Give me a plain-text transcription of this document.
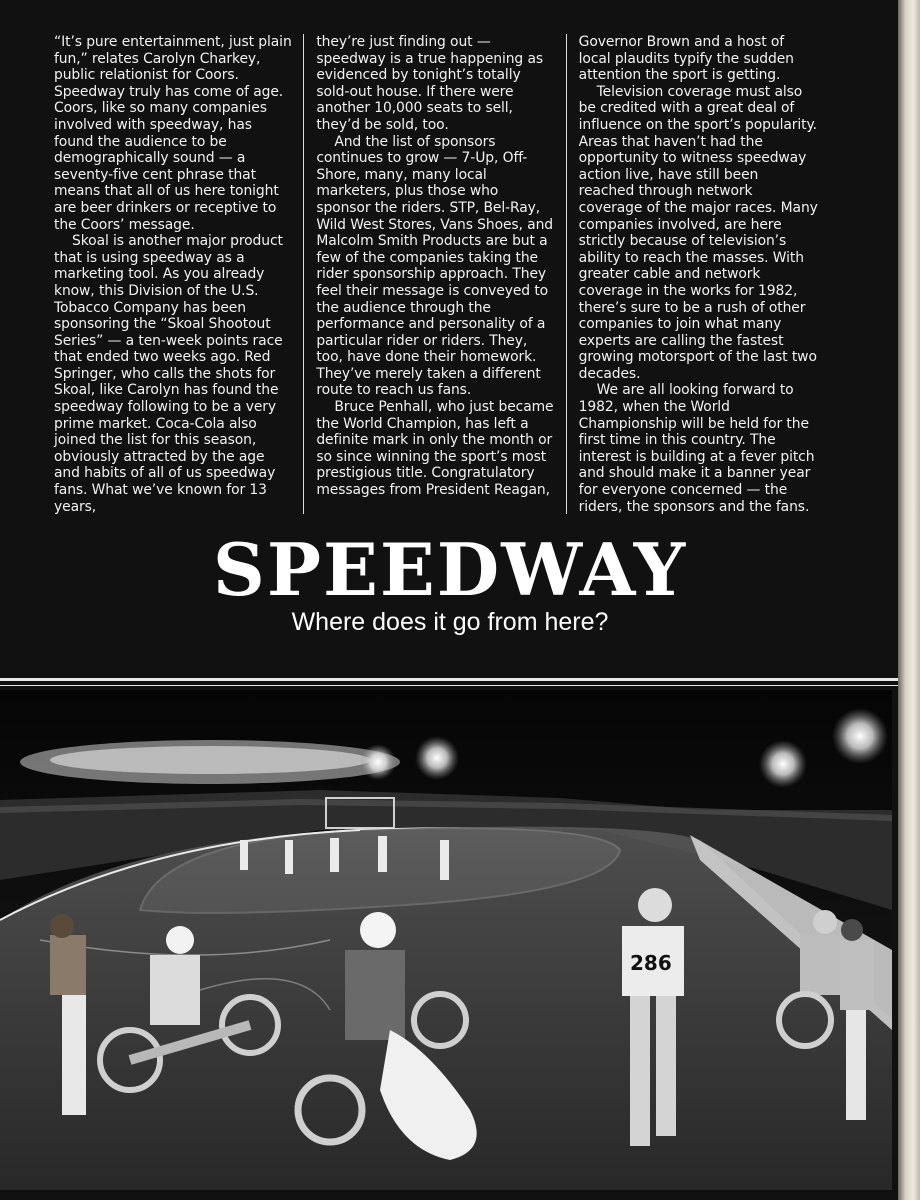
“It’s pure entertainment, just plain fun,” relates Carolyn Charkey, public relationist for Coors. Speedway truly has come of age. Coors, like so many companies involved with speedway, has found the audience to be demographically sound — a seventy-five cent phrase that means that all of us here tonight are beer drinkers or receptive to the Coors’ message.

Skoal is another major product that is using speedway as a marketing tool. As you already know, this Division of the U.S. Tobacco Company has been sponsoring the “Skoal Shootout Series” — a ten-week points race that ended two weeks ago. Red Springer, who calls the shots for Skoal, like Carolyn has found the speedway following to be a very prime market. Coca-Cola also joined the list for this season, obviously attracted by the age and habits of all of us speedway fans. What we’ve known for 13 years,

they’re just finding out — speedway is a true happening as evidenced by tonight’s totally sold-out house. If there were another 10,000 seats to sell, they’d be sold, too.

And the list of sponsors continues to grow — 7-Up, Off-Shore, many, many local marketers, plus those who sponsor the riders. STP, Bel-Ray, Wild West Stores, Vans Shoes, and Malcolm Smith Products are but a few of the companies taking the rider sponsorship approach. They feel their message is conveyed to the audience through the performance and personality of a particular rider or riders. They, too, have done their homework. They’ve merely taken a different route to reach us fans.

Bruce Penhall, who just became the World Champion, has left a definite mark in only the month or so since winning the sport’s most prestigious title. Congratulatory messages from President Reagan,

Governor Brown and a host of local plaudits typify the sudden attention the sport is getting.

Television coverage must also be credited with a great deal of influence on the sport’s popularity. Areas that haven’t had the opportunity to witness speedway action live, have still been reached through network coverage of the major races. Many companies involved, are here strictly because of television’s ability to reach the masses. With greater cable and network coverage in the works for 1982, there’s sure to be a rush of other companies to join what many experts are calling the fastest growing motorsport of the last two decades.

We are all looking forward to 1982, when the World Championship will be held for the first time in this country. The interest is building at a fever pitch and should make it a banner year for everyone concerned — the riders, the sponsors and the fans.

SPEEDWAY
Where does it go from here?
286
